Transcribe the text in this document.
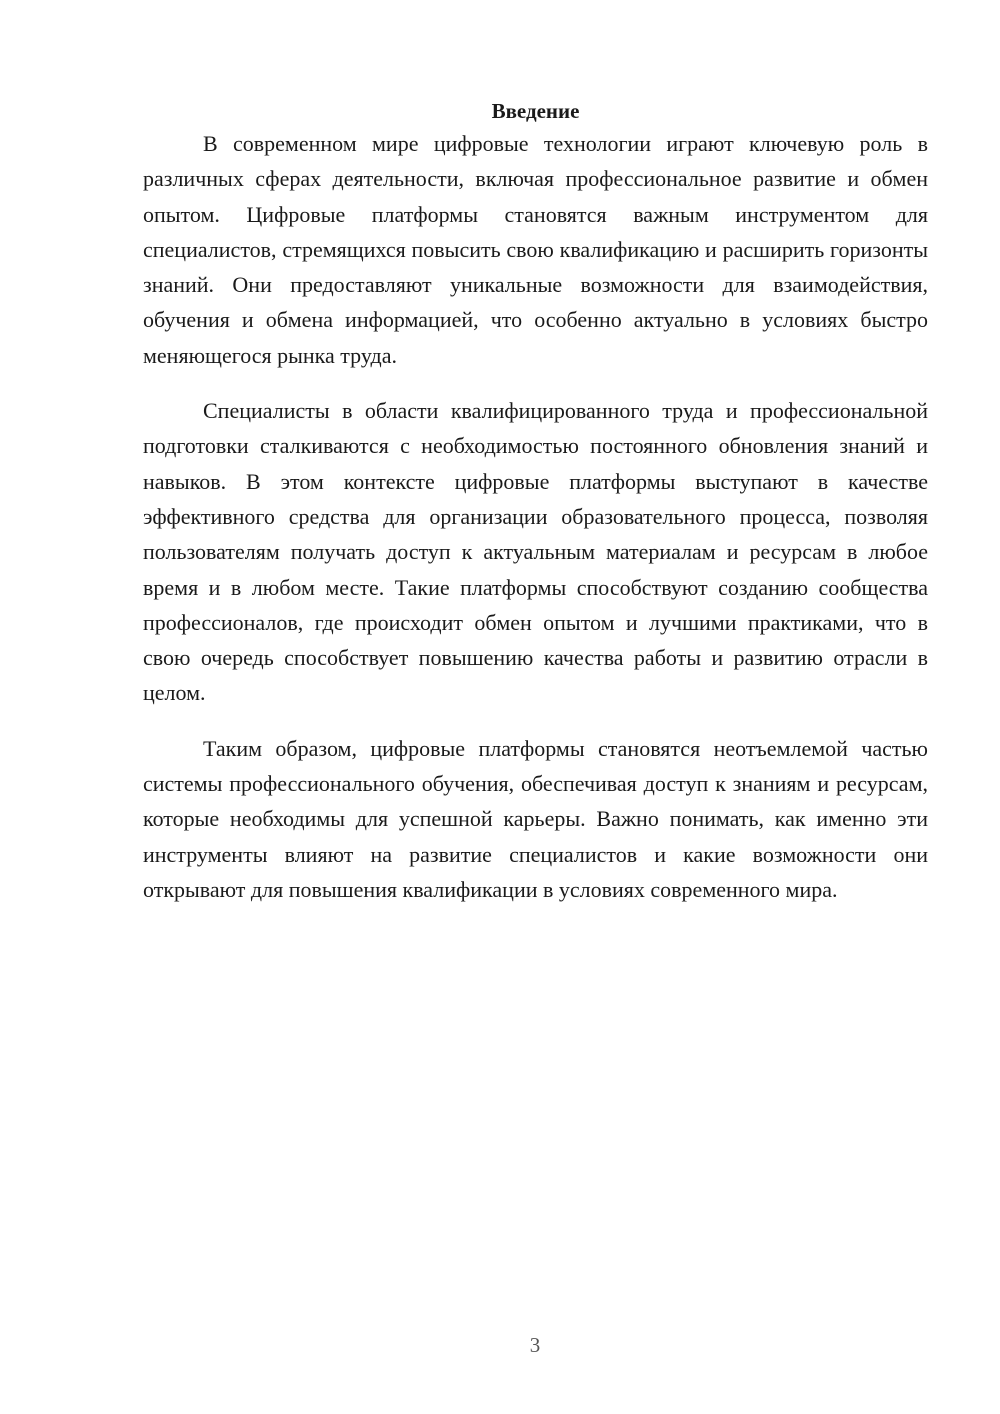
Введение

В современном мире цифровые технологии играют ключевую роль в различных сферах деятельности, включая профессиональное развитие и обмен опытом. Цифровые платформы становятся важным инструментом для специалистов, стремящихся повысить свою квалификацию и расширить горизонты знаний. Они предоставляют уникальные возможности для взаимодействия, обучения и обмена информацией, что особенно актуально в условиях быстро меняющегося рынка труда.

Специалисты в области квалифицированного труда и профессиональной подготовки сталкиваются с необходимостью постоянного обновления знаний и навыков. В этом контексте цифровые платформы выступают в качестве эффективного средства для организации образовательного процесса, позволяя пользователям получать доступ к актуальным материалам и ресурсам в любое время и в любом месте. Такие платформы способствуют созданию сообщества профессионалов, где происходит обмен опытом и лучшими практиками, что в свою очередь способствует повышению качества работы и развитию отрасли в целом.

Таким образом, цифровые платформы становятся неотъемлемой частью системы профессионального обучения, обеспечивая доступ к знаниям и ресурсам, которые необходимы для успешной карьеры. Важно понимать, как именно эти инструменты влияют на развитие специалистов и какие возможности они открывают для повышения квалификации в условиях современного мира.

3
